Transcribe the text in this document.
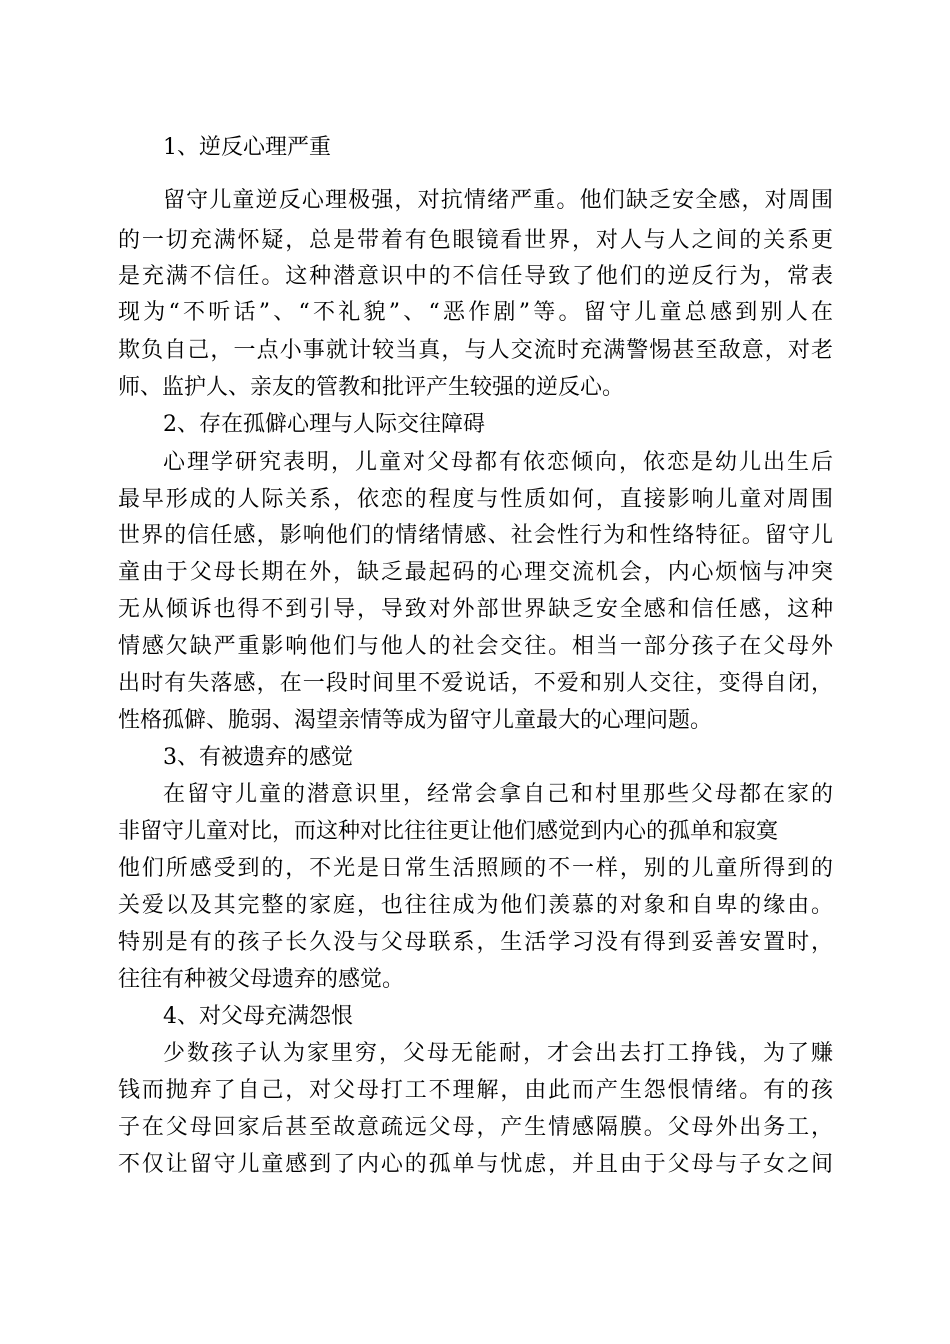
1、逆反心理严重
留守儿童逆反心理极强，对抗情绪严重。他们缺乏安全感，对周围
的一切充满怀疑，总是带着有色眼镜看世界，对人与人之间的关系更
是充满不信任。这种潜意识中的不信任导致了他们的逆反行为，常表
现为“不听话”、“不礼貌”、“恶作剧”等。留守儿童总感到别人在
欺负自己，一点小事就计较当真，与人交流时充满警惕甚至敌意，对老
师、监护人、亲友的管教和批评产生较强的逆反心。
2、存在孤僻心理与人际交往障碍
心理学研究表明，儿童对父母都有依恋倾向，依恋是幼儿出生后
最早形成的人际关系，依恋的程度与性质如何，直接影响儿童对周围
世界的信任感，影响他们的情绪情感、社会性行为和性络特征。留守儿
童由于父母长期在外，缺乏最起码的心理交流机会，内心烦恼与冲突
无从倾诉也得不到引导，导致对外部世界缺乏安全感和信任感，这种
情感欠缺严重影响他们与他人的社会交往。相当一部分孩子在父母外
出时有失落感，在一段时间里不爱说话，不爱和别人交往，变得自闭，
性格孤僻、脆弱、渴望亲情等成为留守儿童最大的心理问题。
3、有被遗弃的感觉
在留守儿童的潜意识里，经常会拿自己和村里那些父母都在家的
非留守儿童对比，而这种对比往往更让他们感觉到内心的孤单和寂寞
他们所感受到的，不光是日常生活照顾的不一样，别的儿童所得到的
关爱以及其完整的家庭，也往往成为他们羡慕的对象和自卑的缘由。
特别是有的孩子长久没与父母联系，生活学习没有得到妥善安置时，
往往有种被父母遗弃的感觉。
4、对父母充满怨恨
少数孩子认为家里穷，父母无能耐，才会出去打工挣钱，为了赚
钱而抛弃了自己，对父母打工不理解，由此而产生怨恨情绪。有的孩
子在父母回家后甚至故意疏远父母，产生情感隔膜。父母外出务工，
不仅让留守儿童感到了内心的孤单与忧虑，并且由于父母与子女之间
